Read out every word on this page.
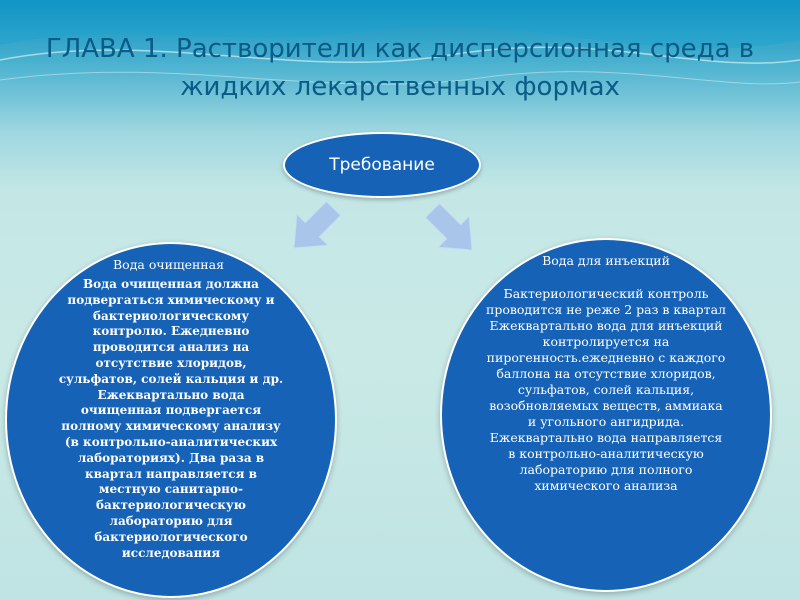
ГЛАВА 1. Растворители как дисперсионная среда в жидких лекарственных формах
Требование
Вода очищенная
Вода очищенная должна подвергаться химическому и бактериологическому контролю. Ежедневно проводится анализ на отсутствие хлоридов, сульфатов, солей кальция и др. Ежеквартально вода очищенная подвергается полному химическому анализу (в контрольно-аналитических лабораториях). Два раза в квартал направляется в местную санитарно-бактериологическую лабораторию для бактериологического исследования
Вода для инъекций
Бактериологический контроль проводится не реже 2 раз в квартал
Ежеквартально вода для инъекций контролируется на пирогенность.ежедневно с каждого баллона на отсутствие хлоридов, сульфатов, солей кальция, возобновляемых веществ, аммиака и угольного ангидрида. Ежеквартально вода направляется в контрольно-аналитическую лабораторию для полного химического анализа
